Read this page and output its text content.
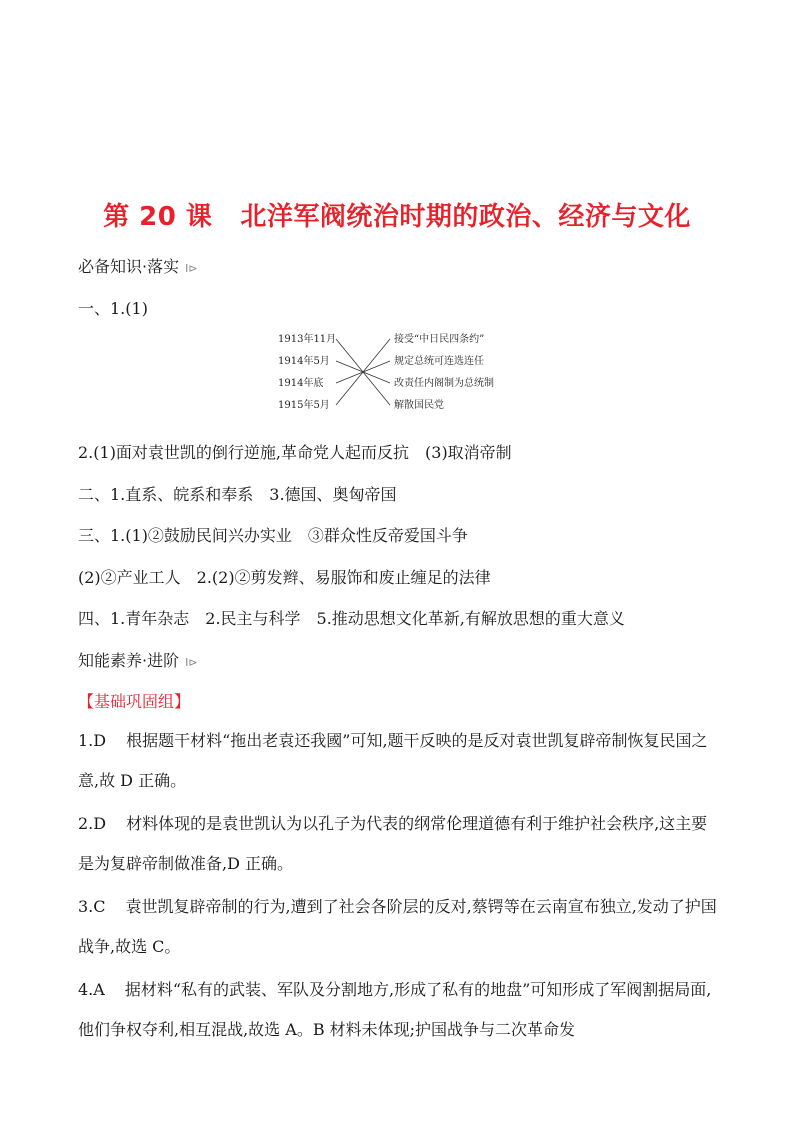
第 20 课 北洋军阀统治时期的政治、经济与文化
必备知识·落实 I⊳
一、1.(1)
1913年11月
1914年5月
1914年底
1915年5月
接受“中日民四条约”
规定总统可连选连任
改责任内阁制为总统制
解散国民党
2.(1)面对袁世凯的倒行逆施,革命党人起而反抗　(3)取消帝制
二、1.直系、皖系和奉系　3.德国、奥匈帝国
三、1.(1)②鼓励民间兴办实业　③群众性反帝爱国斗争
(2)②产业工人　2.(2)②剪发辫、易服饰和废止缠足的法律
四、1.青年杂志　2.民主与科学　5.推动思想文化革新,有解放思想的重大意义
知能素养·进阶 I⊳
【基础巩固组】
1.D 根据题干材料“拖出老袁还我國”可知,题干反映的是反对袁世凯复辟帝制恢复民国之意,故 D 正确。
2.D 材料体现的是袁世凯认为以孔子为代表的纲常伦理道德有利于维护社会秩序,这主要是为复辟帝制做准备,D 正确。
3.C 袁世凯复辟帝制的行为,遭到了社会各阶层的反对,蔡锷等在云南宣布独立,发动了护国战争,故选 C。
4.A 据材料“私有的武装、军队及分割地方,形成了私有的地盘”可知形成了军阀割据局面,他们争权夺利,相互混战,故选 A。B 材料未体现;护国战争与二次革命发
